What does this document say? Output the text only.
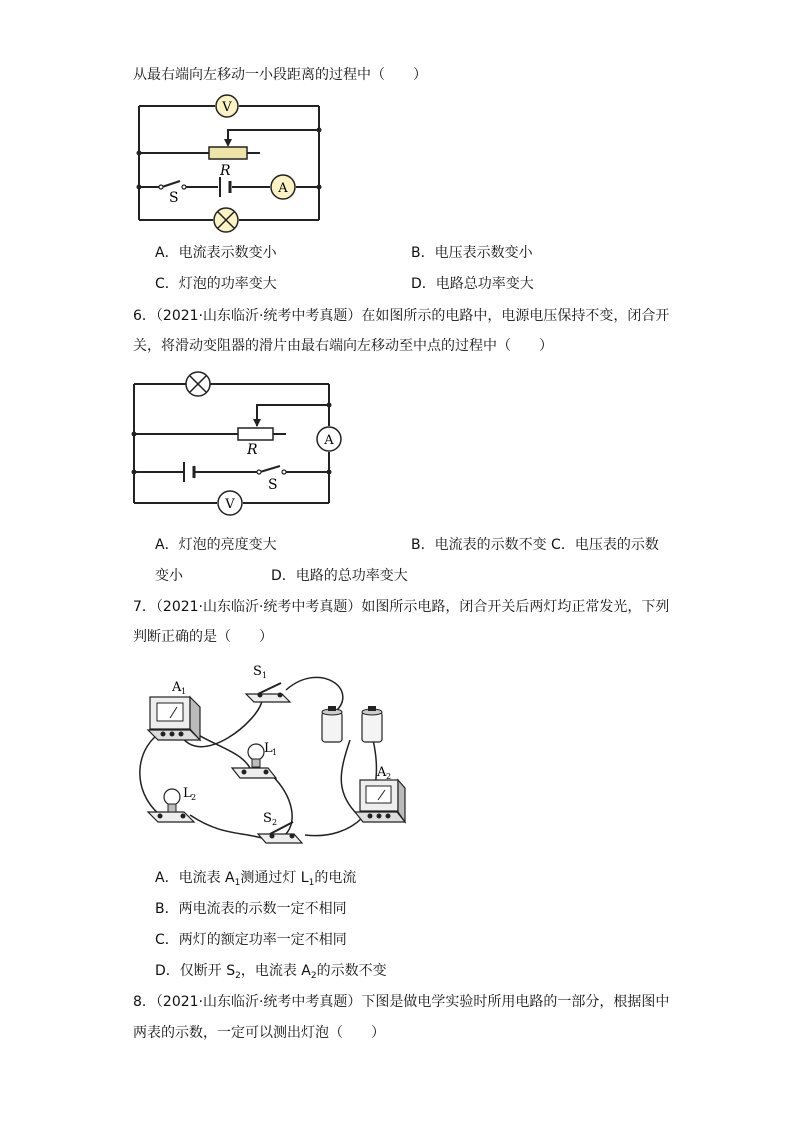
从最右端向左移动一小段距离的过程中（　　）
V
A
R
S
A．电流表示数变小	B．电压表示数变小
C．灯泡的功率变大	D．电路总功率变大
6．（2021·山东临沂·统考中考真题）在如图所示的电路中，电源电压保持不变，闭合开
关，将滑动变阻器的滑片由最右端向左移动至中点的过程中（　　）
A
V
R
S
A．灯泡的亮度变大	B．电流表的示数不变 C．电压表的示数
变小	D．电路的总功率变大
7．（2021·山东临沂·统考中考真题）如图所示电路，闭合开关后两灯均正常发光，下列
判断正确的是（　　）
A 1
S 1
L 1
L 2
S 2
A 2
A．电流表 $A_1$测通过灯 $L_1$的电流
B．两电流表的示数一定不相同
C．两灯的额定功率一定不相同
D．仅断开 $S_2$，电流表 $A_2$的示数不变
8．（2021·山东临沂·统考中考真题）下图是做电学实验时所用电路的一部分，根据图中
两表的示数，一定可以测出灯泡（　　）
